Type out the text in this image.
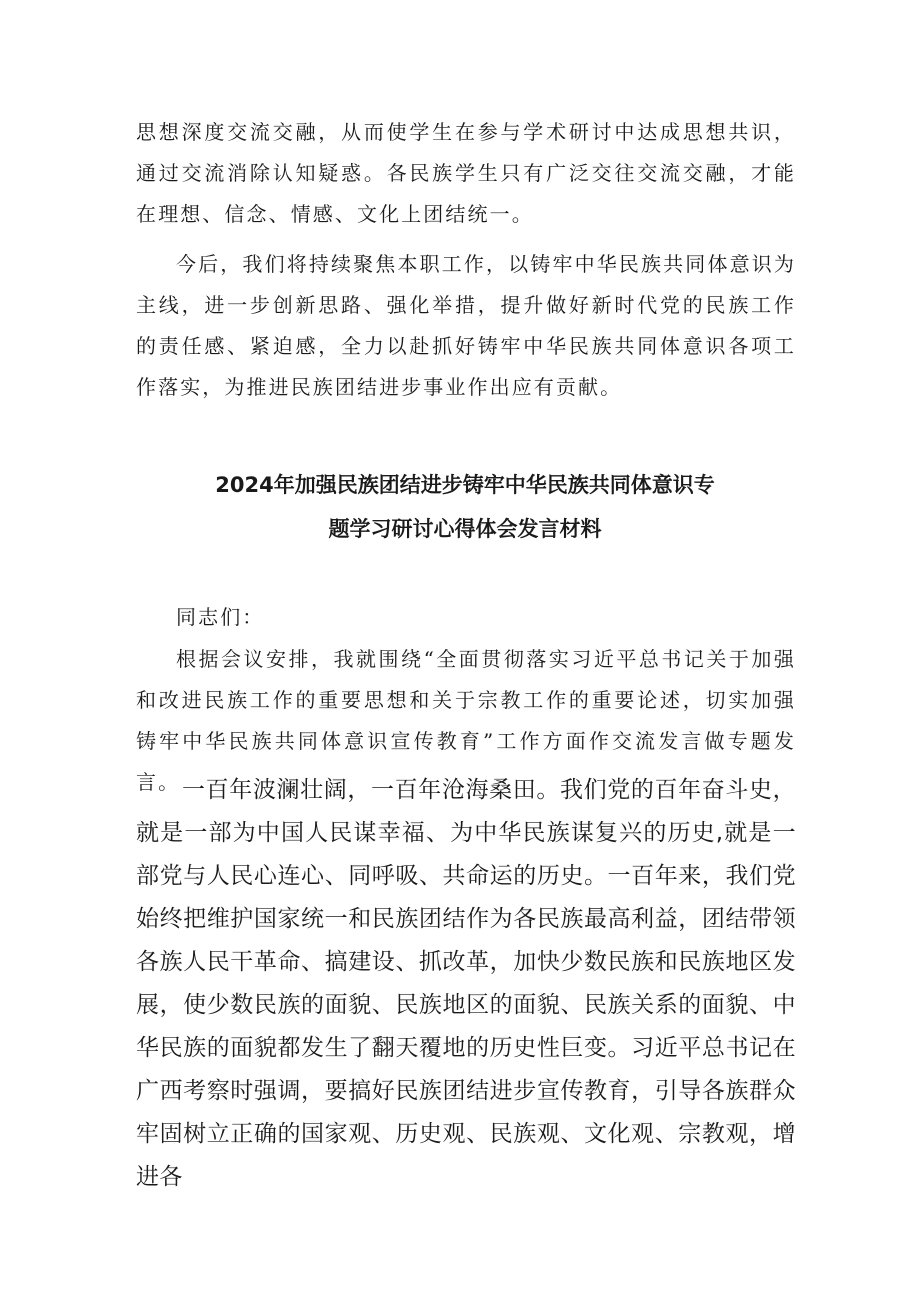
思想深度交流交融，从而使学生在参与学术研讨中达成思想共识，通过交流消除认知疑惑。各民族学生只有广泛交往交流交融，才能在理想、信念、情感、文化上团结统一。

今后，我们将持续聚焦本职工作，以铸牢中华民族共同体意识为主线，进一步创新思路、强化举措，提升做好新时代党的民族工作的责任感、紧迫感，全力以赴抓好铸牢中华民族共同体意识各项工作落实，为推进民族团结进步事业作出应有贡献。

2024年加强民族团结进步铸牢中华民族共同体意识专
题学习研讨心得体会发言材料

同志们：

根据会议安排，我就围绕“全面贯彻落实习近平总书记关于加强和改进民族工作的重要思想和关于宗教工作的重要论述，切实加强铸牢中华民族共同体意识宣传教育”工作方面作交流发言做专题发言。 一百年波澜壮阔，一百年沧海桑田。我们党的百年奋斗史，就是一部为中国人民谋幸福、为中华民族谋复兴的历史,就是一部党与人民心连心、同呼吸、共命运的历史。一百年来，我们党始终把维护国家统一和民族团结作为各民族最高利益，团结带领各族人民干革命、搞建设、抓改革，加快少数民族和民族地区发展，使少数民族的面貌、民族地区的面貌、民族关系的面貌、中华民族的面貌都发生了翻天覆地的历史性巨变。习近平总书记在广西考察时强调，要搞好民族团结进步宣传教育，引导各族群众牢固树立正确的国家观、历史观、民族观、文化观、宗教观，增进各
